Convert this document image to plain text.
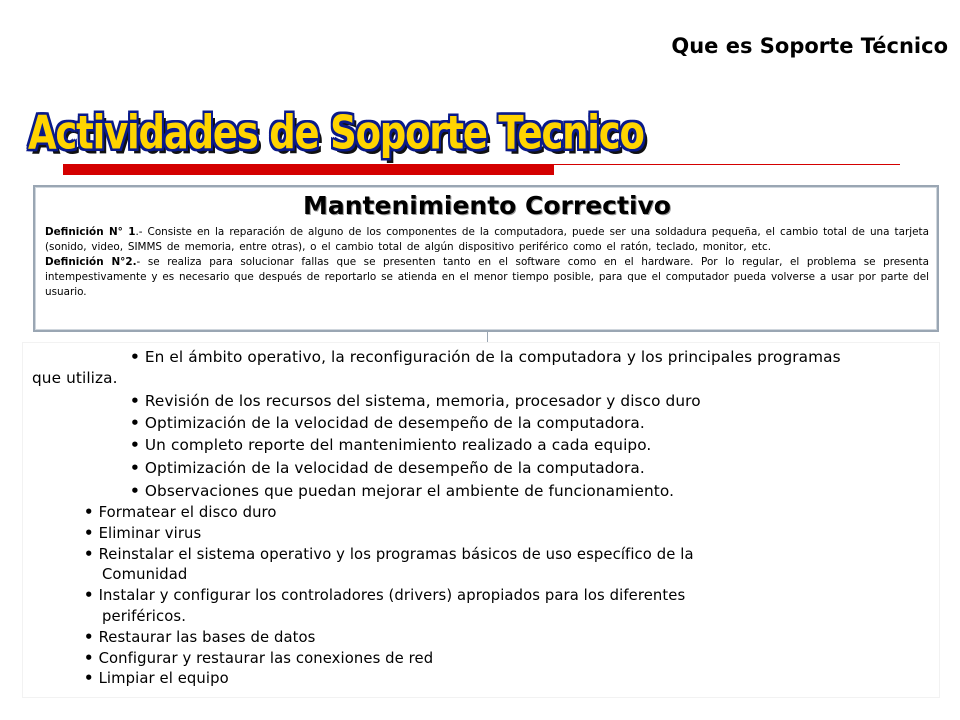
Que es Soporte Técnico
Actividades de Soporte Tecnico
Mantenimiento Correctivo

Definición N° 1.- Consiste en la reparación de alguno de los componentes de la computadora, puede ser una soldadura pequeña, el cambio total de una tarjeta (sonido, video, SIMMS de memoria, entre otras), o el cambio total de algún dispositivo periférico como el ratón, teclado, monitor, etc.

Definición N°2.- se realiza para solucionar fallas que se presenten tanto en el software como en el hardware. Por lo regular, el problema se presenta intempestivamente y es necesario que después de reportarlo se atienda en el menor tiempo posible, para que el computador pueda volverse a usar por parte del usuario.

• En el ámbito operativo, la reconfiguración de la computadora y los principales programas
que utiliza.
• Revisión de los recursos del sistema, memoria, procesador y disco duro
• Optimización de la velocidad de desempeño de la computadora.
• Un completo reporte del mantenimiento realizado a cada equipo.
• Optimización de la velocidad de desempeño de la computadora.
• Observaciones que puedan mejorar el ambiente de funcionamiento.
• Formatear el disco duro
• Eliminar virus
• Reinstalar el sistema operativo y los programas básicos de uso específico de la
Comunidad
• Instalar y configurar los controladores (drivers) apropiados para los diferentes
periféricos.
• Restaurar las bases de datos
• Configurar y restaurar las conexiones de red
• Limpiar el equipo
